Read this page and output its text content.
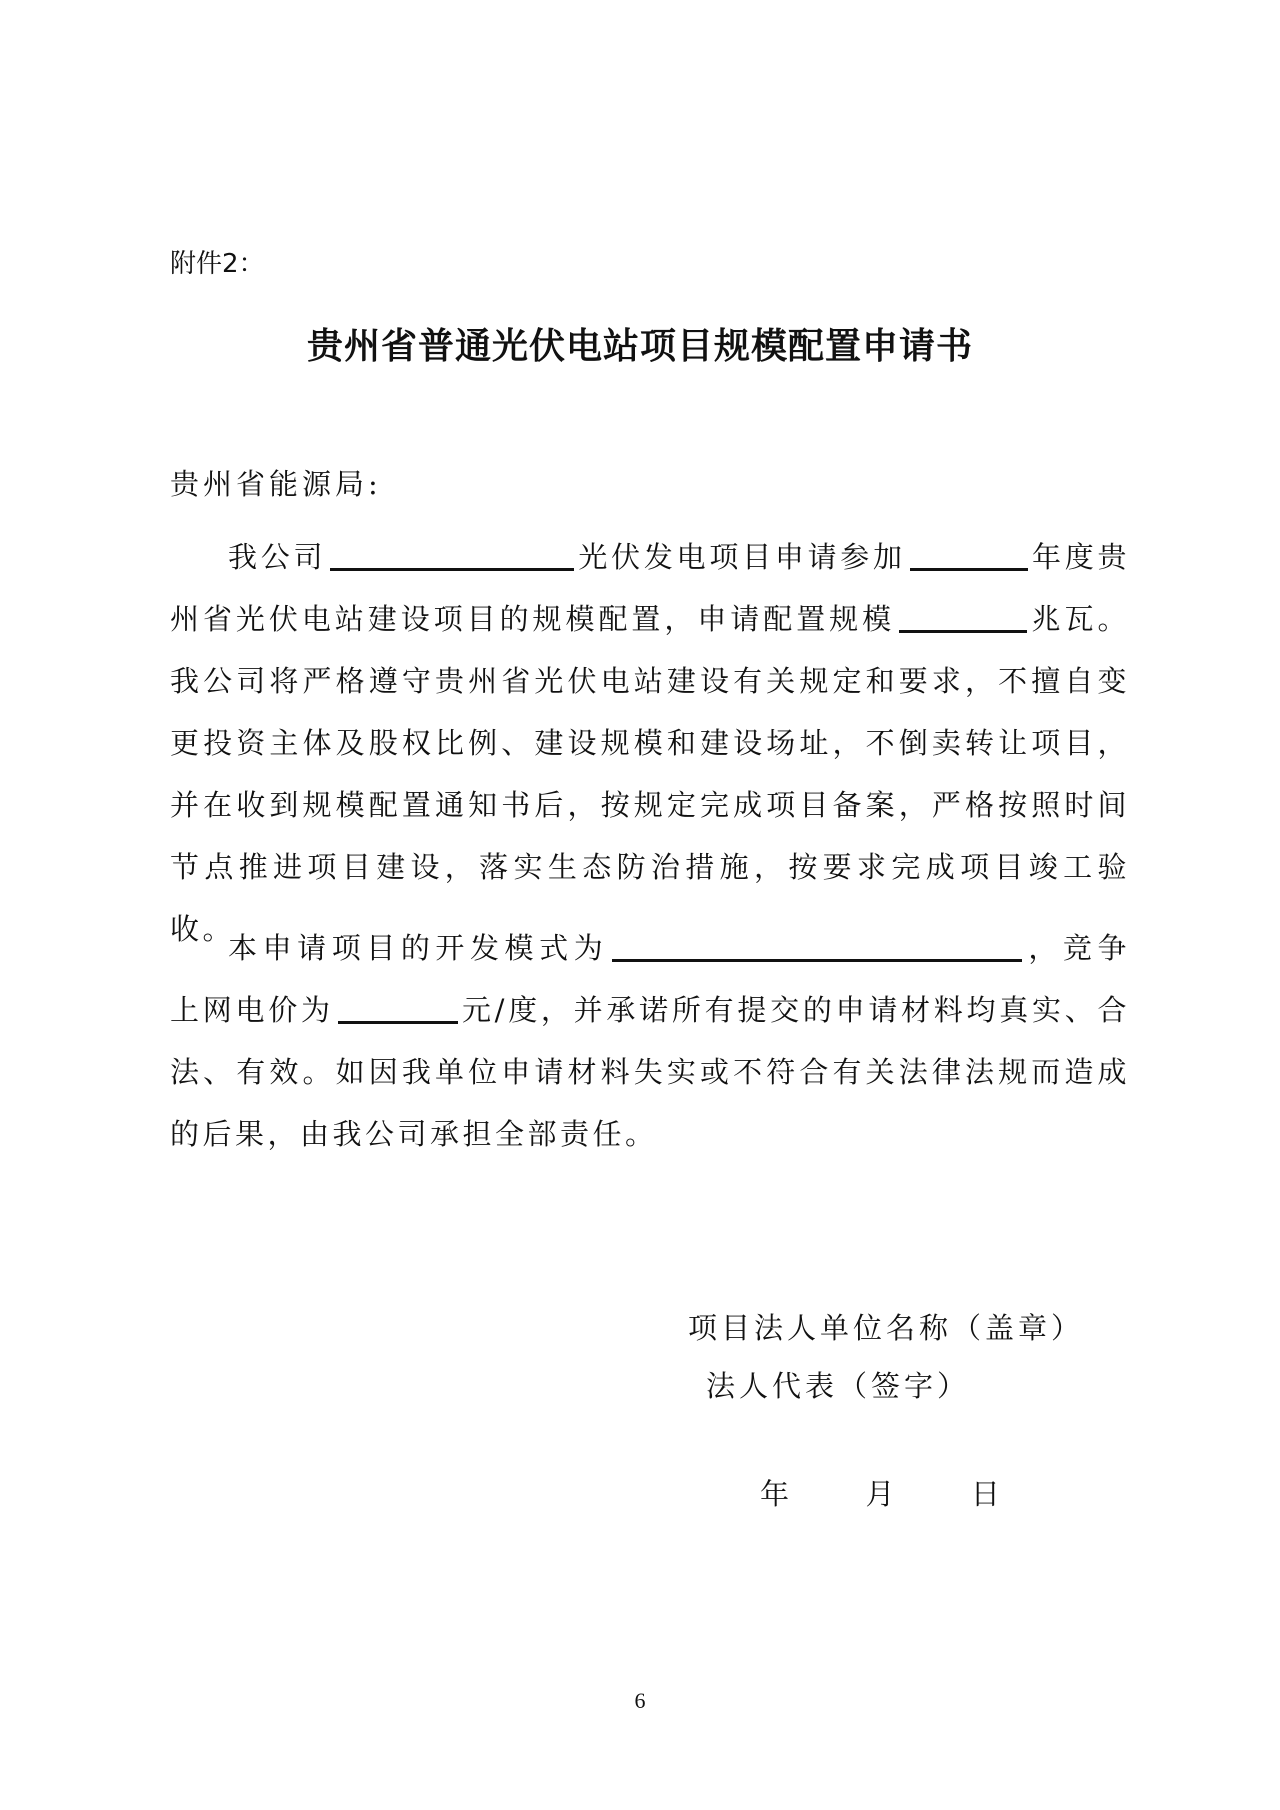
附件2：
贵州省普通光伏电站项目规模配置申请书
贵州省能源局:
我公司	光伏发电项目申请参加	年度贵州省光伏电站建设项目的规模配置，申请配置规模	兆瓦。我公司将严格遵守贵州省光伏电站建设有关规定和要求，不擅自变更投资主体及股权比例、建设规模和建设场址，不倒卖转让项目，并在收到规模配置通知书后，按规定完成项目备案，严格按照时间节点推进项目建设，落实生态防治措施，按要求完成项目竣工验收。
本申请项目的开发模式为	，竞争上网电价为	元/度，并承诺所有提交的申请材料均真实、合法、有效。如因我单位申请材料失实或不符合有关法律法规而造成的后果，由我公司承担全部责任。
项目法人单位名称（盖章）
法人代表（签字）
年	月	日
6
